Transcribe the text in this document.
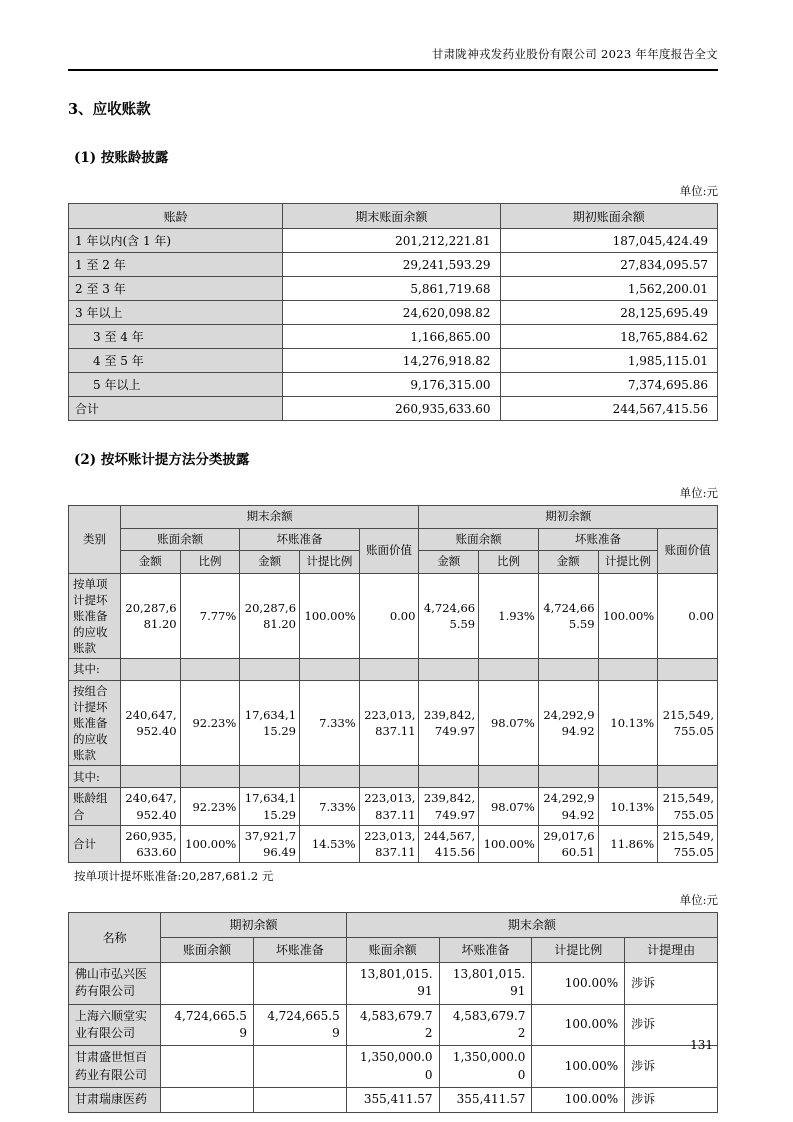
甘肃陇神戎发药业股份有限公司 2023 年年度报告全文
3、应收账款
(1) 按账龄披露
单位:元
账龄	期末账面余额	期初账面余额
1 年以内(含 1 年)	201,212,221.81	187,045,424.49
1 至 2 年	29,241,593.29	27,834,095.57
2 至 3 年	5,861,719.68	1,562,200.01
3 年以上	24,620,098.82	28,125,695.49
3 至 4 年	1,166,865.00	18,765,884.62
4 至 5 年	14,276,918.82	1,985,115.01
5 年以上	9,176,315.00	7,374,695.86
合计	260,935,633.60	244,567,415.56
(2) 按坏账计提方法分类披露
单位:元
类别	期末余额					期初余额				
	账面余额		坏账准备		账面价值	账面余额		坏账准备		账面价值
	金额	比例	金额	计提比例		金额	比例	金额	计提比例	
按单项计提坏账准备的应收账款	20,287,681.20	7.77%	20,287,681.20	100.00%	0.00	4,724,665.59	1.93%	4,724,665.59	100.00%	0.00
其中:										
按组合计提坏账准备的应收账款	240,647,952.40	92.23%	17,634,115.29	7.33%	223,013,837.11	239,842,749.97	98.07%	24,292,994.92	10.13%	215,549,755.05
其中:										
账龄组合	240,647,952.40	92.23%	17,634,115.29	7.33%	223,013,837.11	239,842,749.97	98.07%	24,292,994.92	10.13%	215,549,755.05
合计	260,935,633.60	100.00%	37,921,796.49	14.53%	223,013,837.11	244,567,415.56	100.00%	29,017,660.51	11.86%	215,549,755.05
按单项计提坏账准备:20,287,681.2 元
单位:元
名称	期初余额		期末余额			
	账面余额	坏账准备	账面余额	坏账准备	计提比例	计提理由
佛山市弘兴医药有限公司			13,801,015.91	13,801,015.91	100.00%	涉诉
上海六顺堂实业有限公司	4,724,665.59	4,724,665.59	4,583,679.72	4,583,679.72	100.00%	涉诉
甘肃盛世恒百药业有限公司			1,350,000.00	1,350,000.00	100.00%	涉诉
甘肃瑞康医药			355,411.57	355,411.57	100.00%	涉诉
131
